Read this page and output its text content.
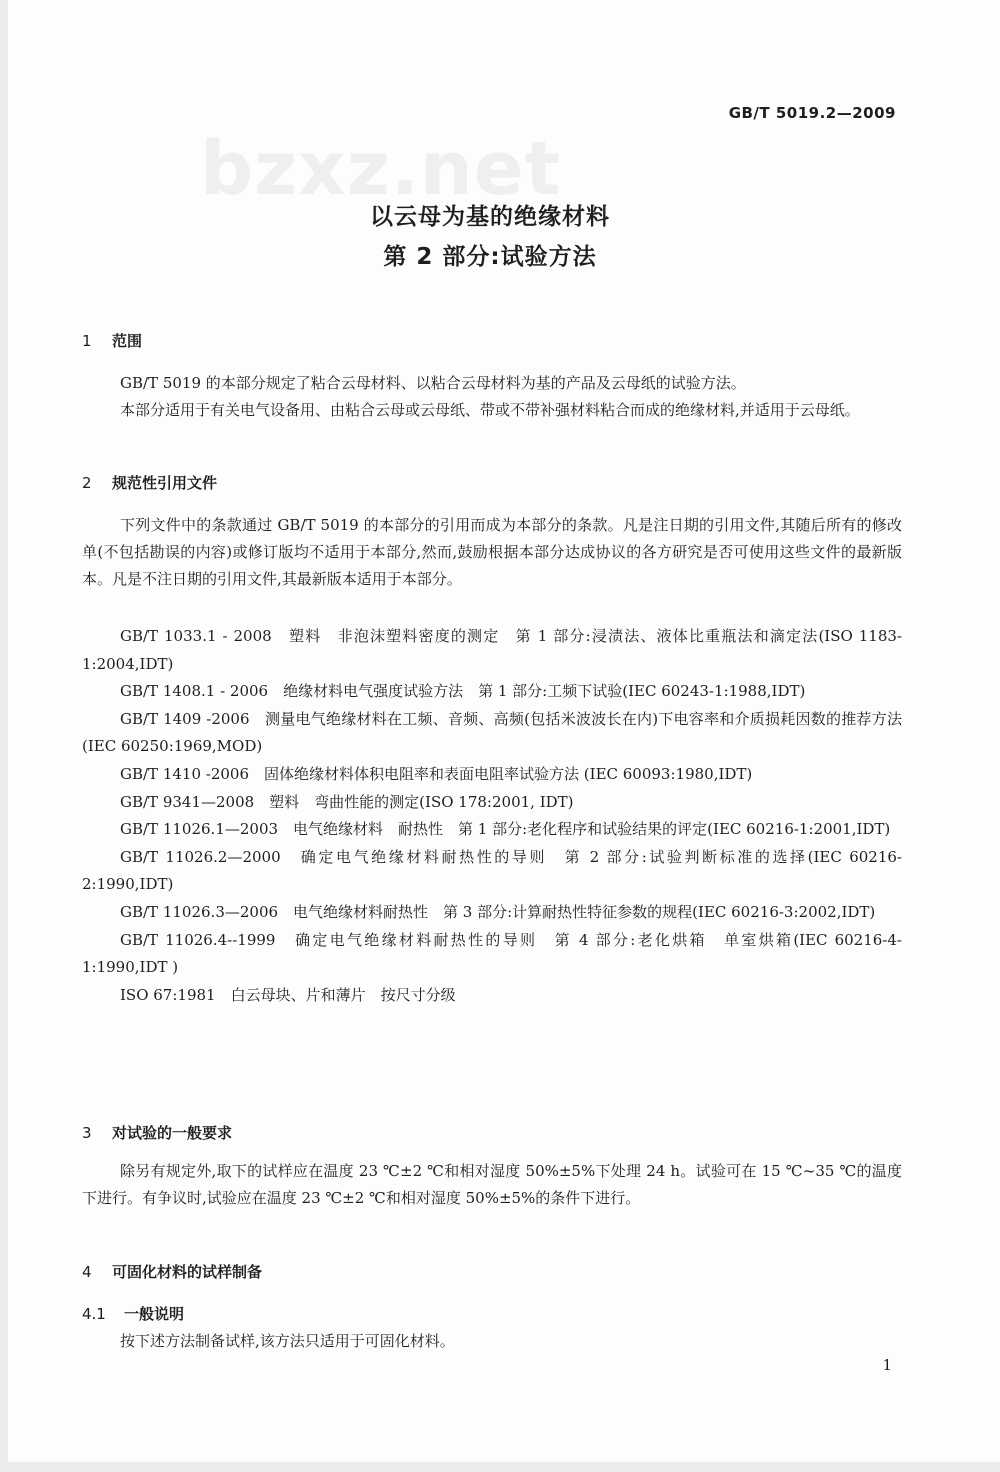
bzxz.net

GB/T 5019.2—2009

以云母为基的绝缘材料
第 2 部分:试验方法
1 范围

GB/T 5019 的本部分规定了粘合云母材料、以粘合云母材料为基的产品及云母纸的试验方法。

本部分适用于有关电气设备用、由粘合云母或云母纸、带或不带补强材料粘合而成的绝缘材料,并适用于云母纸。

2 规范性引用文件

下列文件中的条款通过 GB/T 5019 的本部分的引用而成为本部分的条款。凡是注日期的引用文件,其随后所有的修改单(不包括勘误的内容)或修订版均不适用于本部分,然而,鼓励根据本部分达成协议的各方研究是否可使用这些文件的最新版本。凡是不注日期的引用文件,其最新版本适用于本部分。

GB/T 1033.1 - 2008　塑料　非泡沫塑料密度的测定　第 1 部分:浸渍法、液体比重瓶法和滴定法(ISO 1183-1:2004,IDT)

GB/T 1408.1 - 2006　绝缘材料电气强度试验方法　第 1 部分:工频下试验(IEC 60243-1:1988,IDT)

GB/T 1409 -2006　测量电气绝缘材料在工频、音频、高频(包括米波波长在内)下电容率和介质损耗因数的推荐方法(IEC 60250:1969,MOD)

GB/T 1410 -2006　固体绝缘材料体积电阻率和表面电阻率试验方法 (IEC 60093:1980,IDT)

GB/T 9341—2008　塑料　弯曲性能的测定(ISO 178:2001, IDT)

GB/T 11026.1—2003　电气绝缘材料　耐热性　第 1 部分:老化程序和试验结果的评定(IEC 60216-1:2001,IDT)

GB/T 11026.2—2000　确定电气绝缘材料耐热性的导则　第 2 部分:试验判断标准的选择(IEC 60216-2:1990,IDT)

GB/T 11026.3—2006　电气绝缘材料耐热性　第 3 部分:计算耐热性特征参数的规程(IEC 60216-3:2002,IDT)

GB/T 11026.4--1999　确定电气绝缘材料耐热性的导则　第 4 部分:老化烘箱　单室烘箱(IEC 60216-4-1:1990,IDT )

ISO 67:1981　白云母块、片和薄片　按尺寸分级

3 对试验的一般要求

除另有规定外,取下的试样应在温度 23 ℃±2 ℃和相对湿度 50%±5%下处理 24 h。试验可在 15 ℃~35 ℃的温度下进行。有争议时,试验应在温度 23 ℃±2 ℃和相对湿度 50%±5%的条件下进行。

4 可固化材料的试样制备
4.1 一般说明

按下述方法制备试样,该方法只适用于可固化材料。

1
